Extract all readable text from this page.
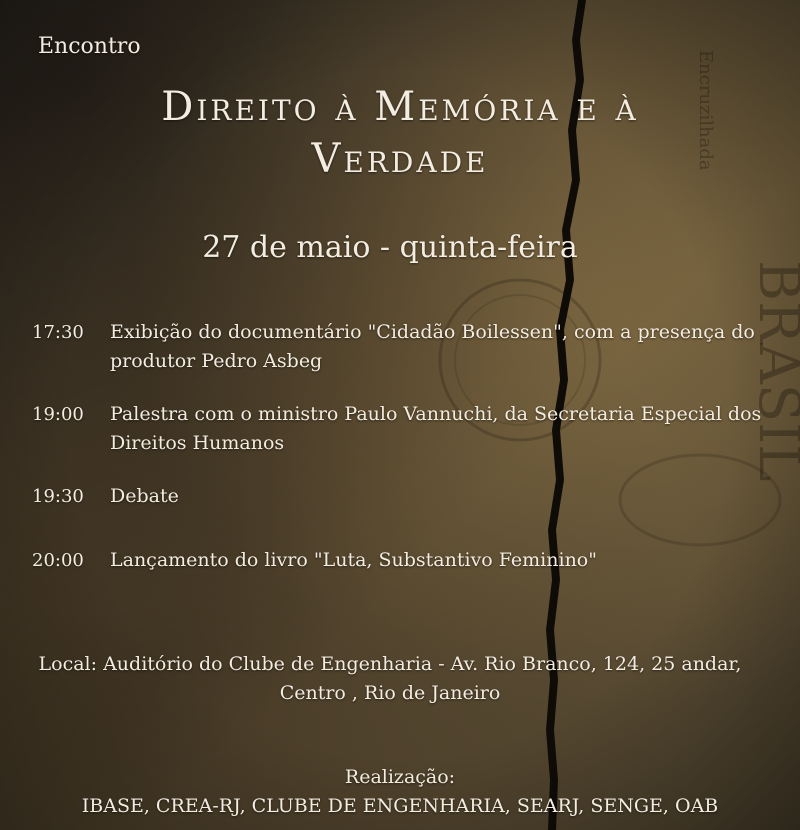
Encontro
Direito à Memória e à
Verdade
27 de maio - quinta-feira
17:30 Exibição do documentário "Cidadão Boilessen", com a presença do produtor Pedro Asbeg
19:00 Palestra com o ministro Paulo Vannuchi, da Secretaria Especial dos Direitos Humanos
19:30 Debate
20:00 Lançamento do livro "Luta, Substantivo Feminino"
Local: Auditório do Clube de Engenharia - Av. Rio Branco, 124, 25 andar,
Centro , Rio de Janeiro
Realização:
IBASE, CREA-RJ, CLUBE DE ENGENHARIA, SEARJ, SENGE, OAB
